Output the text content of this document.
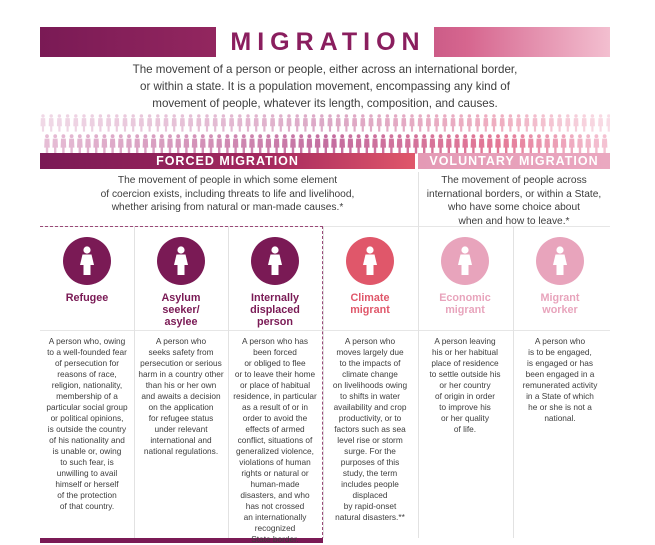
MIGRATION
The movement of a person or people, either across an international border,
or within a state. It is a population movement, encompassing any kind of
movement of people, whatever its length, composition, and causes.
FORCED MIGRATION	VOLUNTARY MIGRATION
The movement of people in which some element
of coercion exists, including threats to life and livelihood,
whether arising from natural or man-made causes.*
The movement of people across
international borders, or within a State,
who have some choice about
when and how to leave.*
Refugee
A person who, owing
to a well-founded fear
of persecution for
reasons of race,
religion, nationality,
membership of a
particular social group
or political opinions,
is outside the country
of his nationality and
is unable or, owing
to such fear, is
unwilling to avail
himself or herself
of the protection
of that country.
Asylum
seeker/
asylee
A person who
seeks safety from
persecution or serious
harm in a country other
than his or her own
and awaits a decision
on the application
for refugee status
under relevant
international and
national regulations.
Internally
displaced
person
A person who has
been forced
or obliged to flee
or to leave their home
or place of habitual
residence, in particular
as a result of or in
order to avoid the
effects of armed
conflict, situations of
generalized violence,
violations of human
rights or natural or
human-made
disasters, and who
has not crossed
an internationally
recognized
State border.
Climate
migrant
A person who
moves largely due
to the impacts of
climate change
on livelihoods owing
to shifts in water
availability and crop
productivity, or to
factors such as sea
level rise or storm
surge. For the
purposes of this
study, the term
includes people
displaced
by rapid-onset
natural disasters.**
Economic
migrant
A person leaving
his or her habitual
place of residence
to settle outside his
or her country
of origin in order
to improve his
or her quality
of life.
Migrant
worker
A person who
is to be engaged,
is engaged or has
been engaged in a
remunerated activity
in a State of which
he or she is not a
national.
